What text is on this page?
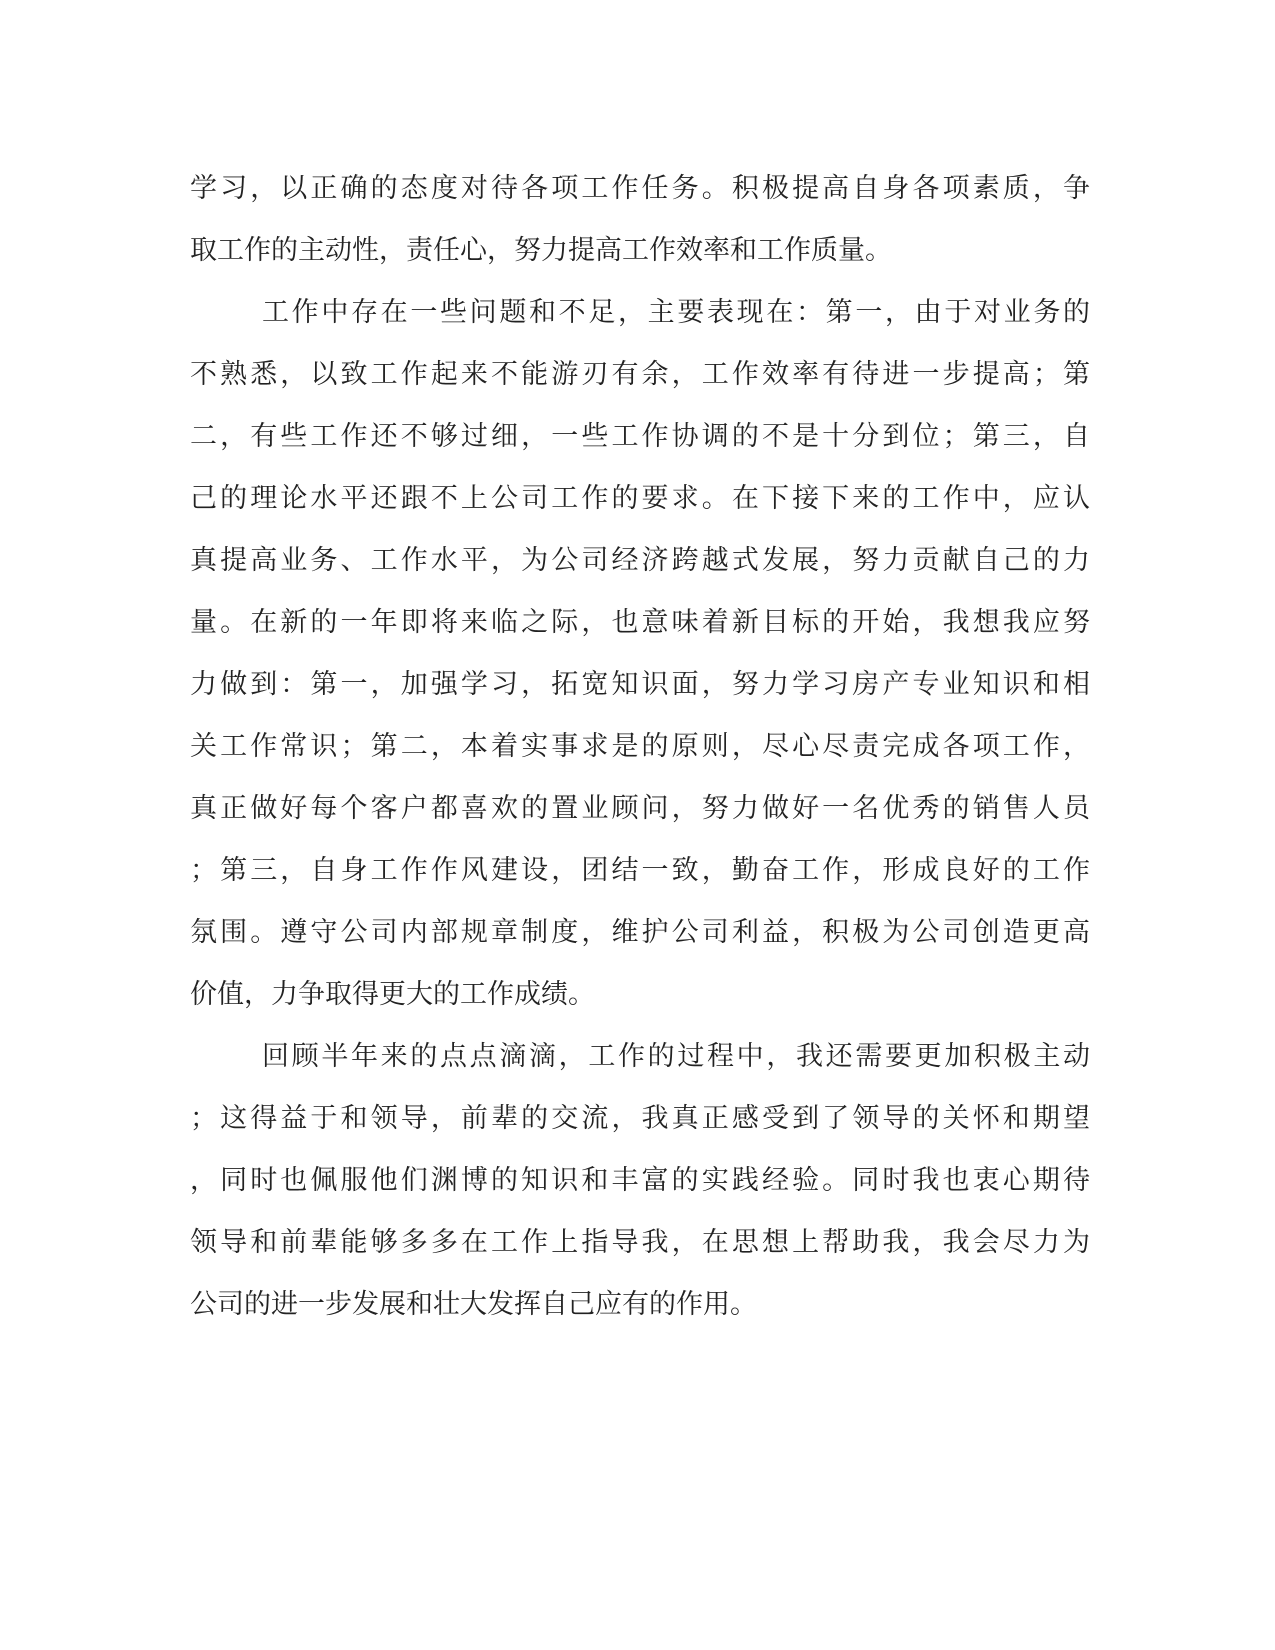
学习，以正确的态度对待各项工作任务。积极提高自身各项素质，争
取工作的主动性，责任心，努力提高工作效率和工作质量。
工作中存在一些问题和不足，主要表现在：第一，由于对业务的
不熟悉，以致工作起来不能游刃有余，工作效率有待进一步提高；第
二，有些工作还不够过细，一些工作协调的不是十分到位；第三，自
己的理论水平还跟不上公司工作的要求。在下接下来的工作中，应认
真提高业务、工作水平，为公司经济跨越式发展，努力贡献自己的力
量。在新的一年即将来临之际，也意味着新目标的开始，我想我应努
力做到：第一，加强学习，拓宽知识面，努力学习房产专业知识和相
关工作常识；第二，本着实事求是的原则，尽心尽责完成各项工作，
真正做好每个客户都喜欢的置业顾问，努力做好一名优秀的销售人员
；第三，自身工作作风建设，团结一致，勤奋工作，形成良好的工作
氛围。遵守公司内部规章制度，维护公司利益，积极为公司创造更高
价值，力争取得更大的工作成绩。
回顾半年来的点点滴滴，工作的过程中，我还需要更加积极主动
；这得益于和领导，前辈的交流，我真正感受到了领导的关怀和期望
，同时也佩服他们渊博的知识和丰富的实践经验。同时我也衷心期待
领导和前辈能够多多在工作上指导我，在思想上帮助我，我会尽力为
公司的进一步发展和壮大发挥自己应有的作用。
